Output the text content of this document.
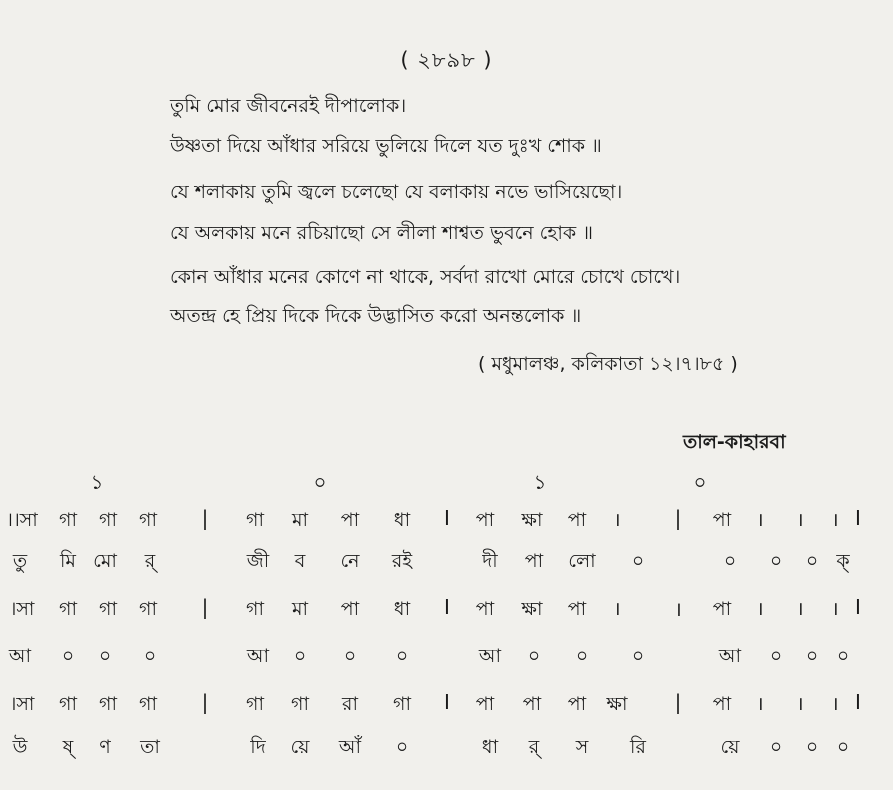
( ২৮৯৮ )
তুমি মোর জীবনেরই দীপালোক।
উষ্ণতা দিয়ে আঁধার সরিয়ে ভুলিয়ে দিলে যত দুঃখ শোক ॥
যে শলাকায় তুমি জ্বলে চলেছো যে বলাকায় নভে ভাসিয়েছো।
যে অলকায় মনে রচিয়াছো সে লীলা শাশ্বত ভুবনে হোক ॥
কোন আঁধার মনের কোণে না থাকে, সর্বদা রাখো মোরে চোখে চোখে।
অতন্দ্র হে প্রিয় দিকে দিকে উদ্ভাসিত করো অনন্তলোক ॥
( মধুমালঞ্চ, কলিকাতা ১২।৭।৮৫ )
তাল-কাহারবা
১	০	১	০
।।সা গা গা গা | গা মা পা ধা I পা ক্ষা পা ।	| পা । । । I
তু মি মো র্	জী ব নে রই	দী পা লো ০	০ ০ ০ ক্
।সা গা গা গা | গা মা পা ধা I পা ক্ষা পা ।	। পা । । । I
আ ০ ০ ০	আ ০ ০ ০	আ ০ ০ ০	আ ০ ০ ০
।সা গা গা গা | গা গা রা গা I পা পা পা ক্ষা | পা । । । I
উ ষ্ ণ তা	দি য়ে আঁ ০	ধা র্ স রি	য়ে ০ ০ ০
